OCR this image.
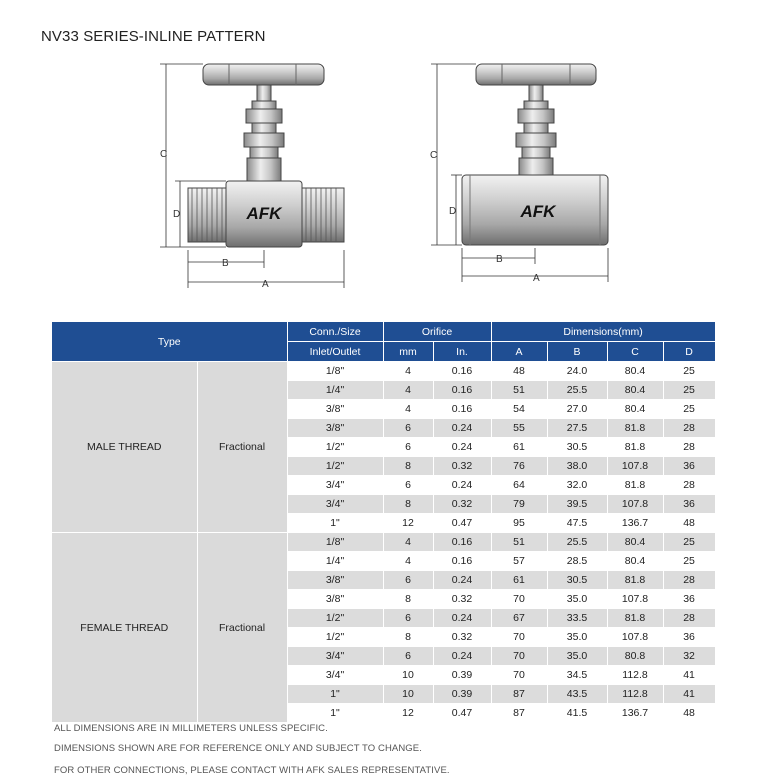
NV33 SERIES-INLINE PATTERN
AFK
C
D
B
A
AFK
C
D
B
A
Type		Conn./Size	Orifice		Dimensions(mm)			
		Inlet/Outlet	mm	In.	A	B	C	D
MALE THREAD	Fractional	1/8"	4	0.16	48	24.0	80.4	25
		1/4"	4	0.16	51	25.5	80.4	25
		3/8"	4	0.16	54	27.0	80.4	25
		3/8"	6	0.24	55	27.5	81.8	28
		1/2"	6	0.24	61	30.5	81.8	28
		1/2"	8	0.32	76	38.0	107.8	36
		3/4"	6	0.24	64	32.0	81.8	28
		3/4"	8	0.32	79	39.5	107.8	36
		1"	12	0.47	95	47.5	136.7	48
FEMALE THREAD	Fractional	1/8"	4	0.16	51	25.5	80.4	25
		1/4"	4	0.16	57	28.5	80.4	25
		3/8"	6	0.24	61	30.5	81.8	28
		3/8"	8	0.32	70	35.0	107.8	36
		1/2"	6	0.24	67	33.5	81.8	28
		1/2"	8	0.32	70	35.0	107.8	36
		3/4"	6	0.24	70	35.0	80.8	32
		3/4"	10	0.39	70	34.5	112.8	41
		1"	10	0.39	87	43.5	112.8	41
		1"	12	0.47	87	41.5	136.7	48
ALL DIMENSIONS ARE IN MILLIMETERS UNLESS SPECIFIC.
DIMENSIONS SHOWN ARE FOR REFERENCE ONLY AND SUBJECT TO CHANGE.
FOR OTHER CONNECTIONS, PLEASE CONTACT WITH AFK SALES REPRESENTATIVE.
